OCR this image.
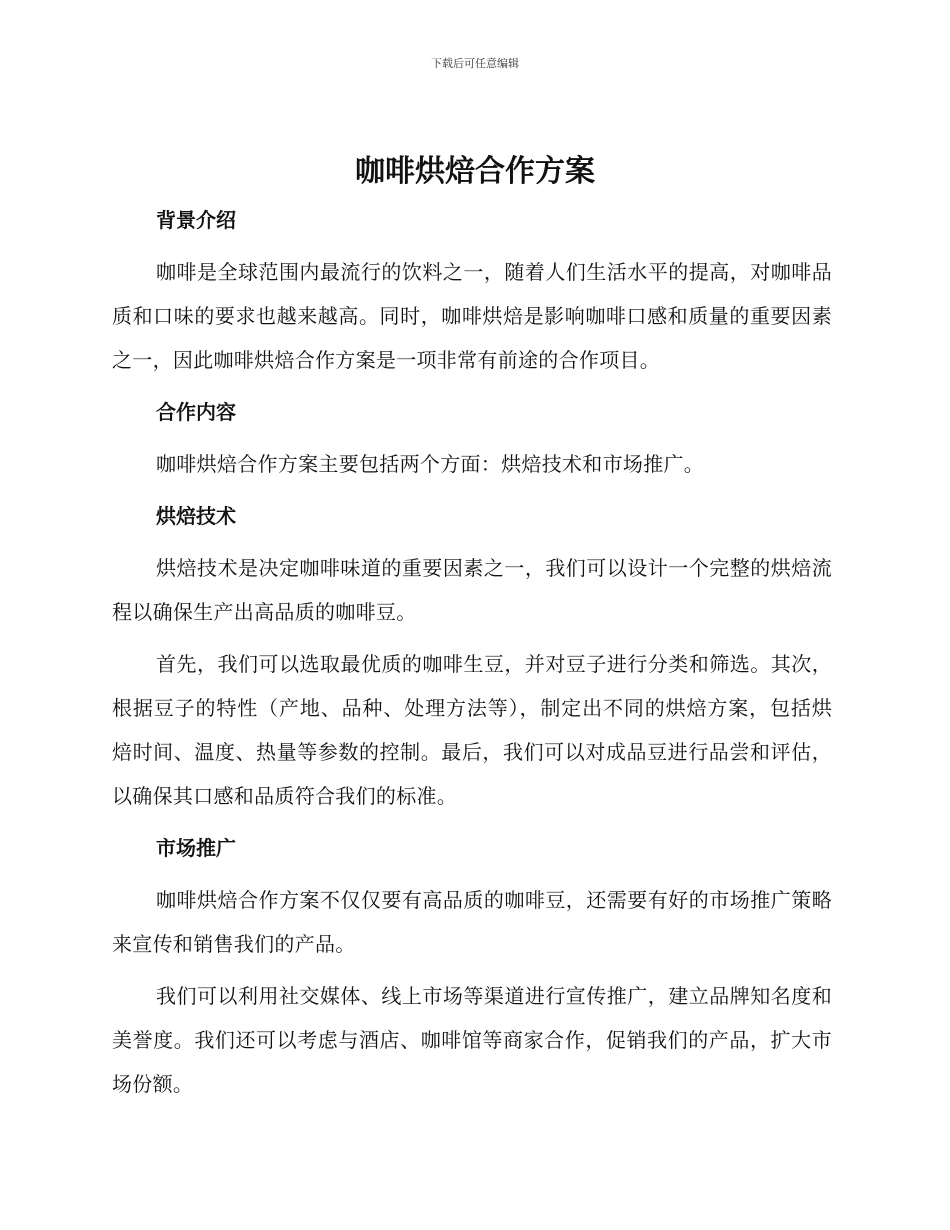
下载后可任意编辑
咖啡烘焙合作方案
背景介绍

咖啡是全球范围内最流行的饮料之一，随着人们生活水平的提高，对咖啡品质和口味的要求也越来越高。同时，咖啡烘焙是影响咖啡口感和质量的重要因素之一，因此咖啡烘焙合作方案是一项非常有前途的合作项目。

合作内容

咖啡烘焙合作方案主要包括两个方面：烘焙技术和市场推广。

烘焙技术

烘焙技术是决定咖啡味道的重要因素之一，我们可以设计一个完整的烘焙流程以确保生产出高品质的咖啡豆。

首先，我们可以选取最优质的咖啡生豆，并对豆子进行分类和筛选。其次，根据豆子的特性（产地、品种、处理方法等），制定出不同的烘焙方案，包括烘焙时间、温度、热量等参数的控制。最后，我们可以对成品豆进行品尝和评估，以确保其口感和品质符合我们的标准。

市场推广

咖啡烘焙合作方案不仅仅要有高品质的咖啡豆，还需要有好的市场推广策略来宣传和销售我们的产品。

我们可以利用社交媒体、线上市场等渠道进行宣传推广，建立品牌知名度和美誉度。我们还可以考虑与酒店、咖啡馆等商家合作，促销我们的产品，扩大市场份额。
